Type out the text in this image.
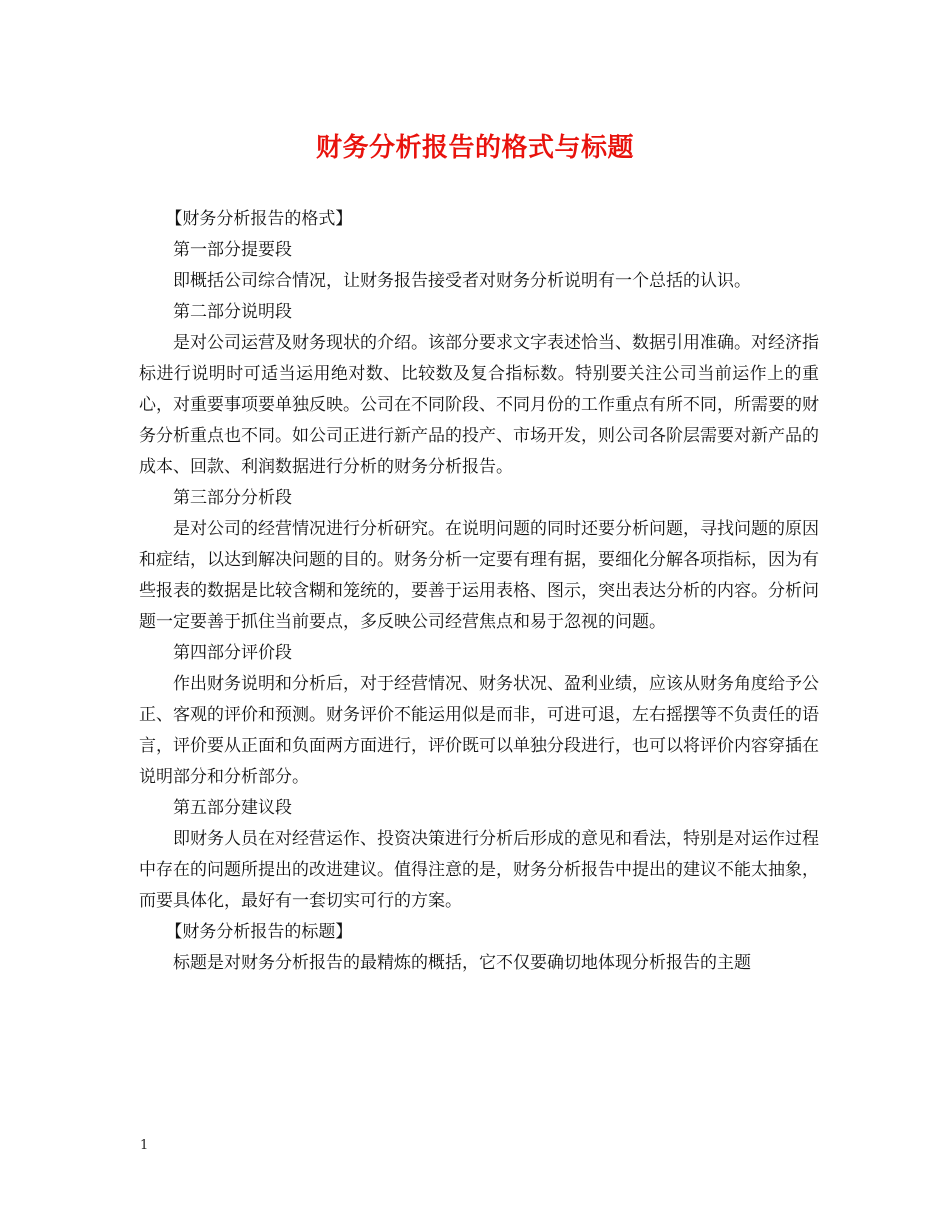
财务分析报告的格式与标题

【财务分析报告的格式】

第一部分提要段

即概括公司综合情况，让财务报告接受者对财务分析说明有一个总括的认识。

第二部分说明段

是对公司运营及财务现状的介绍。该部分要求文字表述恰当、数据引用准确。对经济指标进行说明时可适当运用绝对数、比较数及复合指标数。特别要关注公司当前运作上的重心，对重要事项要单独反映。公司在不同阶段、不同月份的工作重点有所不同，所需要的财务分析重点也不同。如公司正进行新产品的投产、市场开发，则公司各阶层需要对新产品的成本、回款、利润数据进行分析的财务分析报告。

第三部分分析段

是对公司的经营情况进行分析研究。在说明问题的同时还要分析问题，寻找问题的原因和症结，以达到解决问题的目的。财务分析一定要有理有据，要细化分解各项指标，因为有些报表的数据是比较含糊和笼统的，要善于运用表格、图示，突出表达分析的内容。分析问题一定要善于抓住当前要点，多反映公司经营焦点和易于忽视的问题。

第四部分评价段

作出财务说明和分析后，对于经营情况、财务状况、盈利业绩，应该从财务角度给予公正、客观的评价和预测。财务评价不能运用似是而非，可进可退，左右摇摆等不负责任的语言，评价要从正面和负面两方面进行，评价既可以单独分段进行，也可以将评价内容穿插在说明部分和分析部分。

第五部分建议段

即财务人员在对经营运作、投资决策进行分析后形成的意见和看法，特别是对运作过程中存在的问题所提出的改进建议。值得注意的是，财务分析报告中提出的建议不能太抽象，而要具体化，最好有一套切实可行的方案。

【财务分析报告的标题】

标题是对财务分析报告的最精炼的概括，它不仅要确切地体现分析报告的主题

1
